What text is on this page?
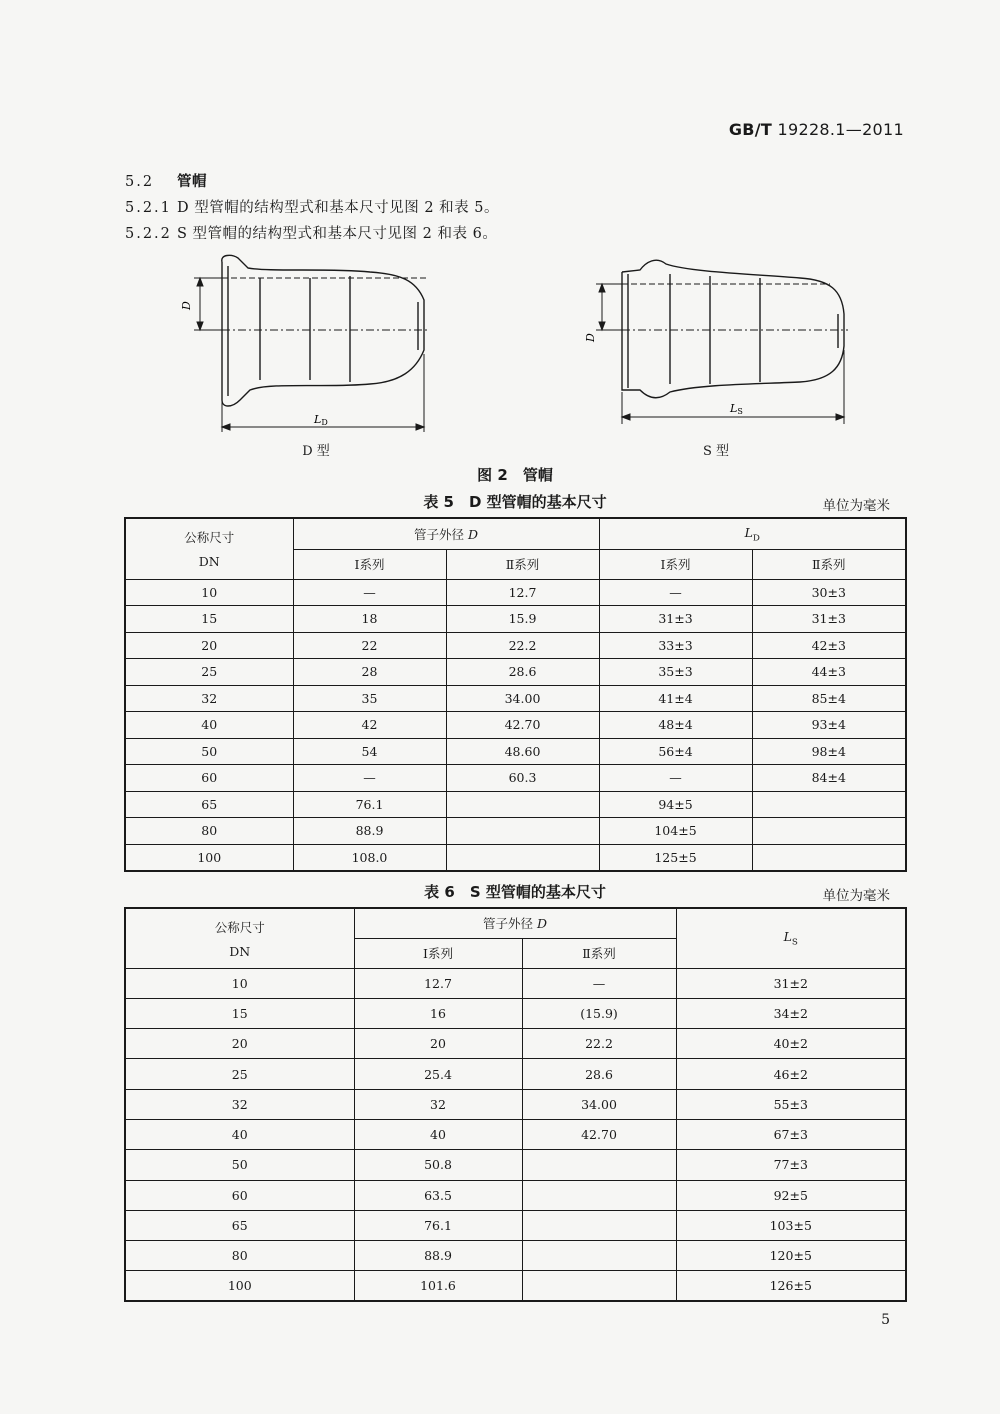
GB/T 19228.1—2011
5.2 管帽
5.2.1 D 型管帽的结构型式和基本尺寸见图 2 和表 5。
5.2.2 S 型管帽的结构型式和基本尺寸见图 2 和表 6。
D
LD
D 型
D
LS
S 型
图 2　管帽
表 5　D 型管帽的基本尺寸	单位为毫米
公称尺寸
DN	管子外径 D		$L_D$
	Ⅰ系列	Ⅱ系列	Ⅰ系列	Ⅱ系列
10	—	12.7	—	30±3
15	18	15.9	31±3	31±3
20	22	22.2	33±3	42±3
25	28	28.6	35±3	44±3
32	35	34.00	41±4	85±4
40	42	42.70	48±4	93±4
50	54	48.60	56±4	98±4
60	—	60.3	—	84±4
65	76.1		94±5	
80	88.9		104±5	
100	108.0		125±5	
表 6　S 型管帽的基本尺寸	单位为毫米
公称尺寸
DN	管子外径 D		$L_S$
	Ⅰ系列	Ⅱ系列	
10	12.7	—	31±2
15	16	(15.9)	34±2
20	20	22.2	40±2
25	25.4	28.6	46±2
32	32	34.00	55±3
40	40	42.70	67±3
50	50.8		77±3
60	63.5		92±5
65	76.1		103±5
80	88.9		120±5
100	101.6		126±5
5
